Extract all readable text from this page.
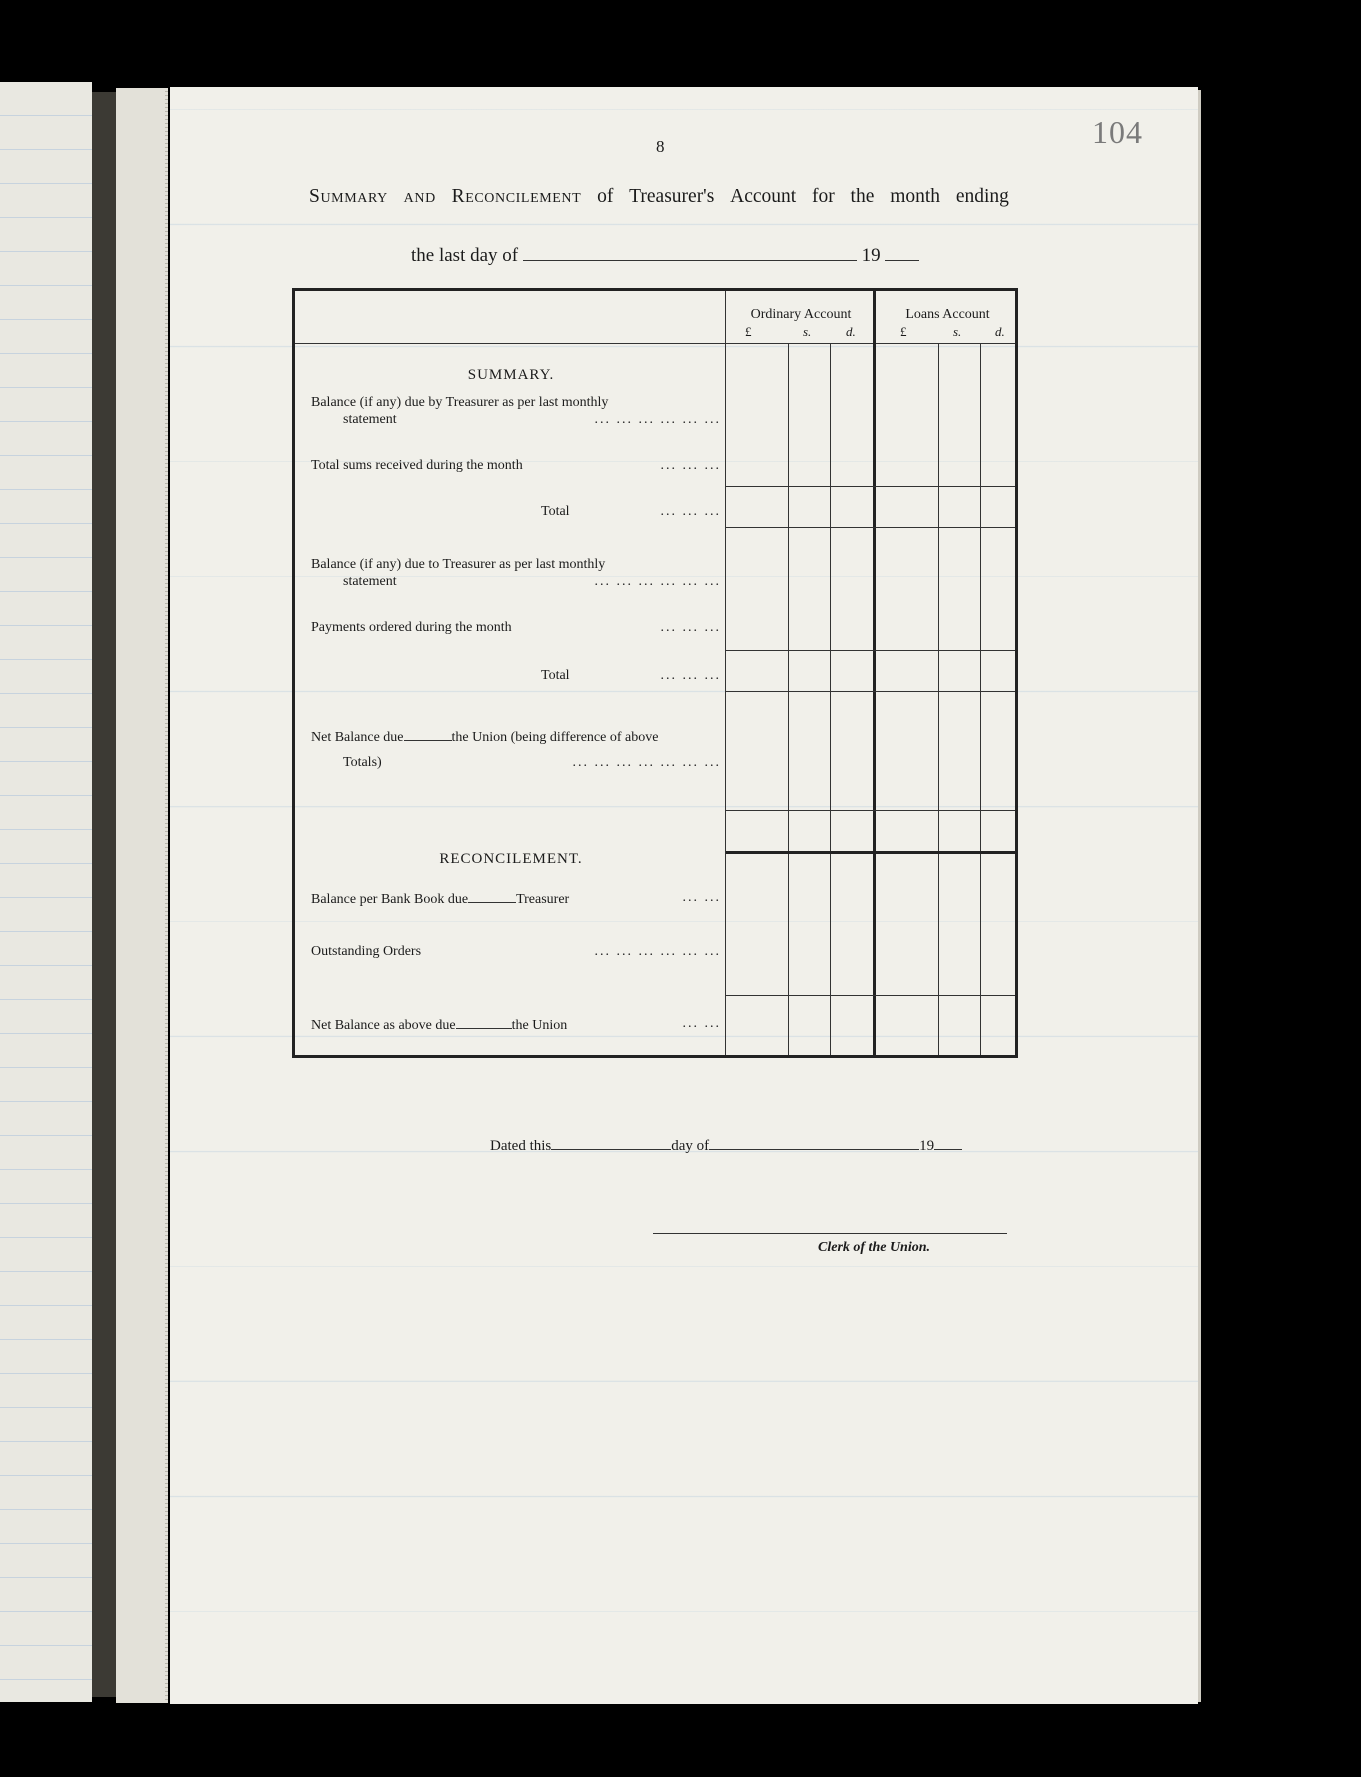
104
8
Summary and Reconcilement of Treasurer's Account for the month ending
the last day of	19
Ordinary Account
£	s.	d.
Loans Account
£	s.	d.
SUMMARY.
Balance (if any) due by Treasurer as per last monthly
statement	... ... ... ... ... ...
Total sums received during the month	... ... ...
Total	... ... ...
Balance (if any) due to Treasurer as per last monthly
statement	... ... ... ... ... ...
Payments ordered during the month	... ... ...
Total	... ... ...
Net Balance due	the Union (being difference of above
Totals)	... ... ... ... ... ... ...
RECONCILEMENT.
Balance per Bank Book due	Treasurer	... ...
Outstanding Orders	... ... ... ... ... ...
Net Balance as above due	the Union	... ...
Dated this	day of	19
Clerk of the Union.
